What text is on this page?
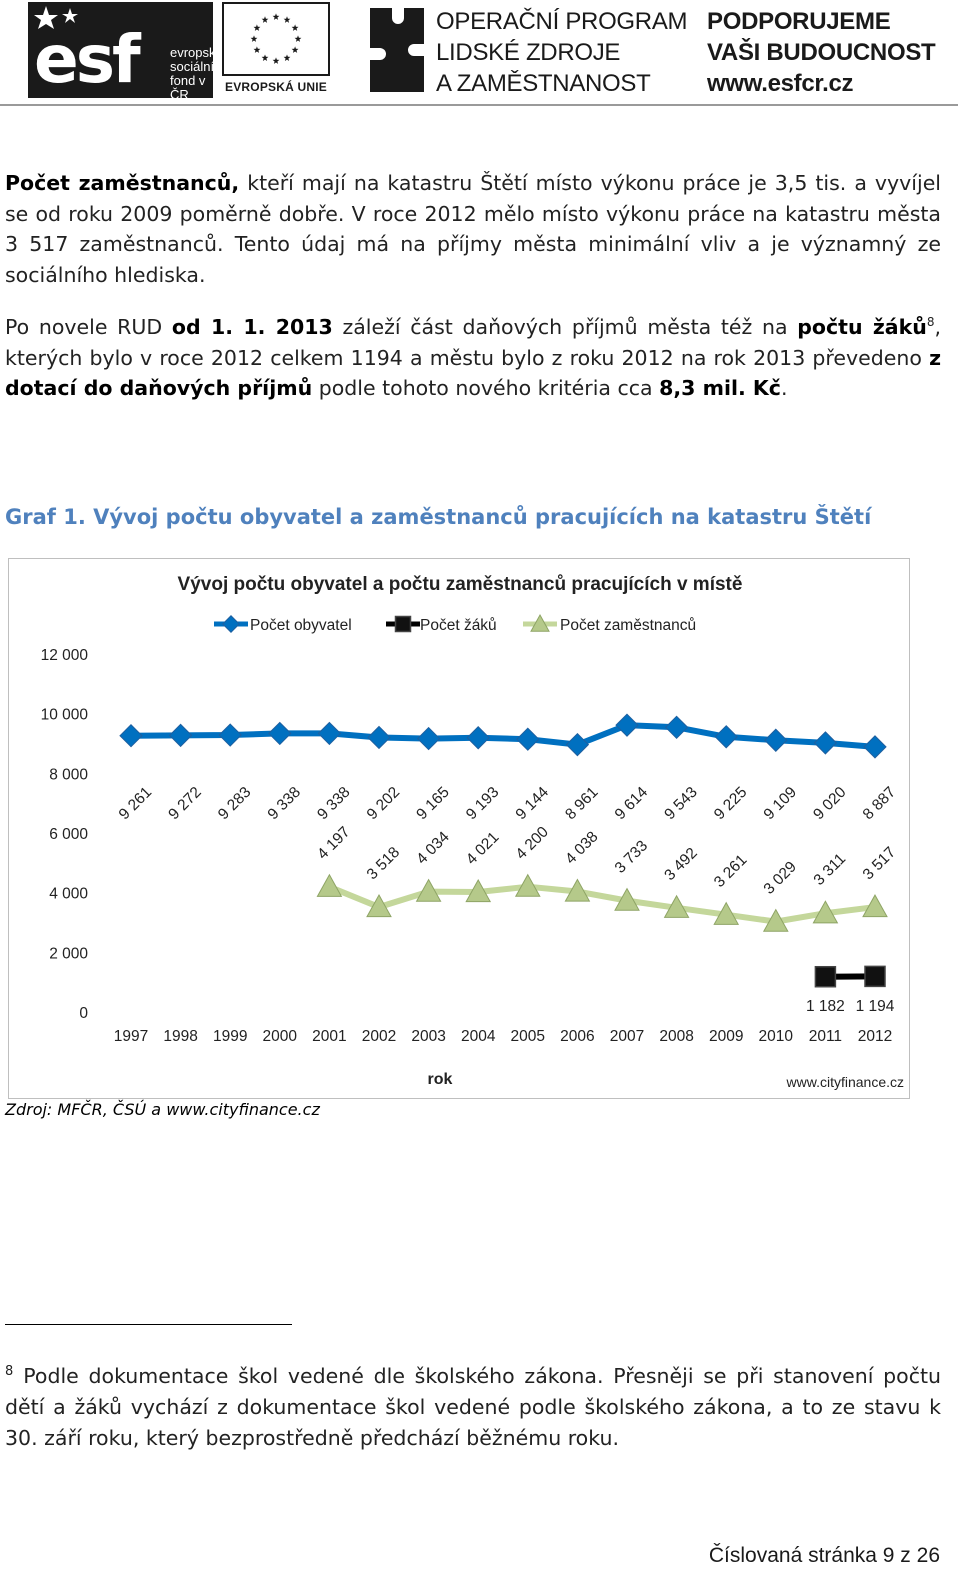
esf evropský
sociální
fond v ČR	EVROPSKÁ UNIE
OPERAČNÍ PROGRAM
LIDSKÉ ZDROJE
A ZAMĚSTNANOST
PODPORUJEME
VAŠI BUDOUCNOST
www.esfcr.cz
Počet zaměstnanců, kteří mají na katastru Štětí místo výkonu práce je 3,5 tis. a vyvíjel se od roku 2009 poměrně dobře. V roce 2012 mělo místo výkonu práce na katastru města 3 517 zaměstnanců. Tento údaj má na příjmy města minimální vliv a je významný ze sociálního hlediska.
Po novele RUD od 1. 1. 2013 záleží část daňových příjmů města též na počtu žáků$^8$, kterých bylo v roce 2012 celkem 1194 a městu bylo z roku 2012 na rok 2013 převedeno z dotací do daňových příjmů podle tohoto nového kritéria cca 8,3 mil. Kč.
Graf 1. Vývoj počtu obyvatel a zaměstnanců pracujících na katastru Štětí
Vývoj počtu obyvatel a počtu zaměstnanců pracujících v místě
0
2 000
4 000
6 000
8 000
10 000
12 000
1997 1998 1999 2000 2001 2002 2003 2004 2005 2006 2007 2008 2009 2010 2011 2012
rok	www.cityfinance.cz
Počet obyvatel	Počet žáků	Počet zaměstnanců
9 261 9 272 9 283 9 338 9 338 9 202 9 165 9 193 9 144 8 961 9 614 9 543 9 225 9 109 9 020 8 887
1 182 1 194
4 197
3 518 4 034 4 021 4 200 4 038 3 733 3 492 3 261 3 029 3 311 3 517
Zdroj: MFČR, ČSÚ a www.cityfinance.cz
$^8$ Podle dokumentace škol vedené dle školského zákona. Přesněji se při stanovení počtu dětí a žáků vychází z dokumentace škol vedené podle školského zákona, a to ze stavu k 30. září roku, který bezprostředně předchází běžnému roku.
Číslovaná stránka 9 z 26
